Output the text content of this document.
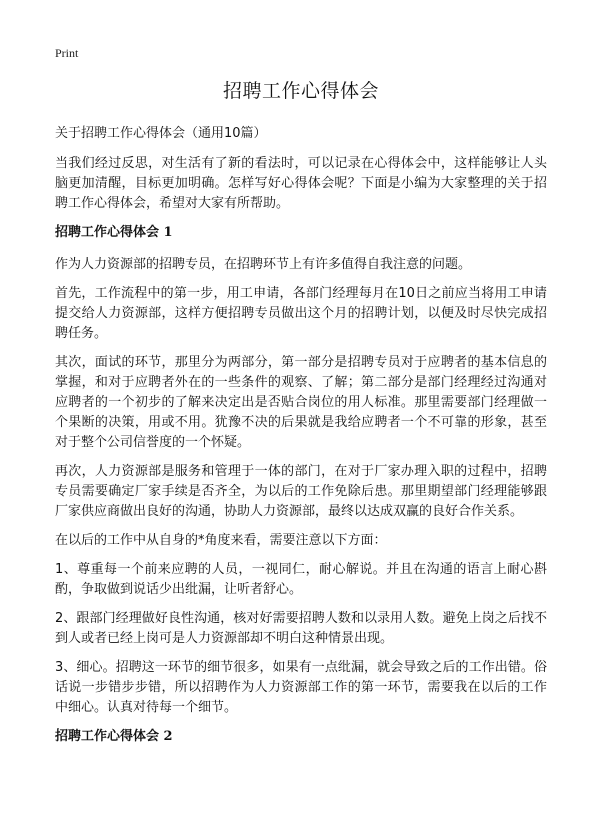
Print
招聘工作心得体会
关于招聘工作心得体会（通用10篇）

当我们经过反思，对生活有了新的看法时，可以记录在心得体会中，这样能够让人头脑更加清醒，目标更加明确。怎样写好心得体会呢？下面是小编为大家整理的关于招聘工作心得体会，希望对大家有所帮助。

招聘工作心得体会 1

作为人力资源部的招聘专员，在招聘环节上有许多值得自我注意的问题。

首先，工作流程中的第一步，用工申请，各部门经理每月在10日之前应当将用工申请提交给人力资源部，这样方便招聘专员做出这个月的招聘计划，以便及时尽快完成招聘任务。

其次，面试的环节，那里分为两部分，第一部分是招聘专员对于应聘者的基本信息的掌握，和对于应聘者外在的一些条件的观察、了解；第二部分是部门经理经过沟通对应聘者的一个初步的了解来决定出是否贴合岗位的用人标准。那里需要部门经理做一个果断的决策，用或不用。犹豫不决的后果就是我给应聘者一个不可靠的形象，甚至对于整个公司信誉度的一个怀疑。

再次，人力资源部是服务和管理于一体的部门，在对于厂家办理入职的过程中，招聘专员需要确定厂家手续是否齐全，为以后的工作免除后患。那里期望部门经理能够跟厂家供应商做出良好的沟通，协助人力资源部，最终以达成双赢的良好合作关系。

在以后的工作中从自身的*角度来看，需要注意以下方面：

1、尊重每一个前来应聘的人员，一视同仁，耐心解说。并且在沟通的语言上耐心斟酌，争取做到说话少出纰漏，让听者舒心。

2、跟部门经理做好良性沟通，核对好需要招聘人数和以录用人数。避免上岗之后找不到人或者已经上岗可是人力资源部却不明白这种情景出现。

3、细心。招聘这一环节的细节很多，如果有一点纰漏，就会导致之后的工作出错。俗话说一步错步步错，所以招聘作为人力资源部工作的第一环节，需要我在以后的工作中细心。认真对待每一个细节。

招聘工作心得体会 2
